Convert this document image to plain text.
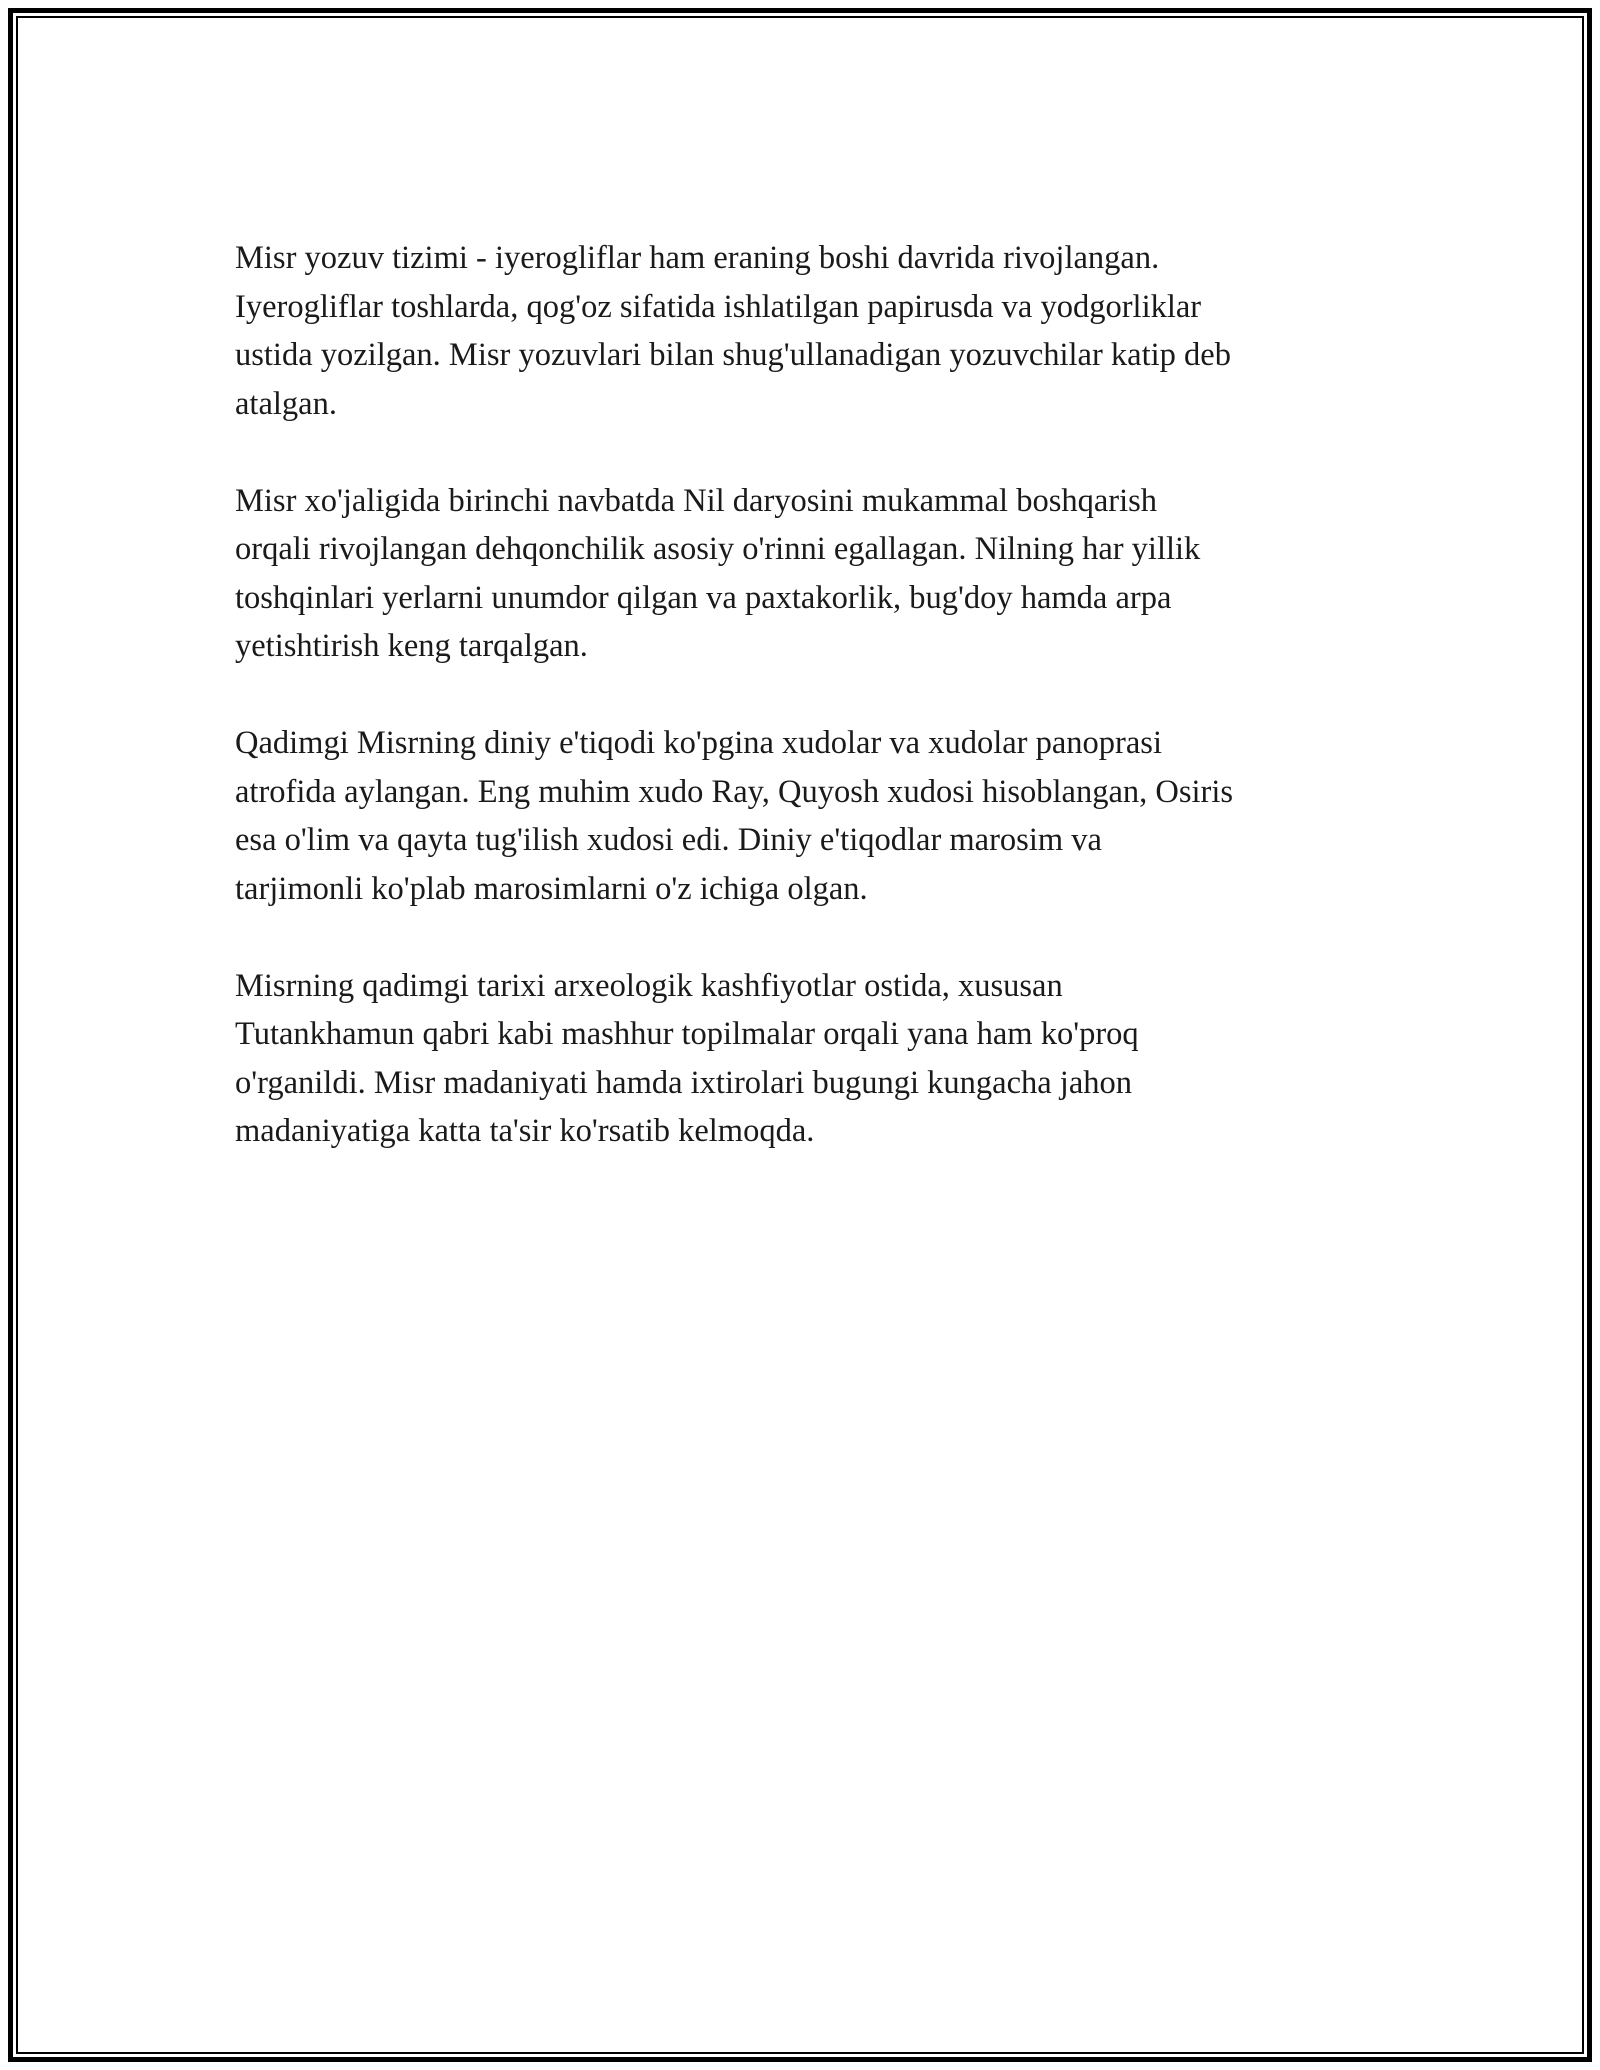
Misr yozuv tizimi - iyerogliflar ham eraning boshi davrida rivojlangan.
Iyerogliflar toshlarda, qog'oz sifatida ishlatilgan papirusda va yodgorliklar
ustida yozilgan. Misr yozuvlari bilan shug'ullanadigan yozuvchilar katip deb
atalgan.

Misr xo'jaligida birinchi navbatda Nil daryosini mukammal boshqarish
orqali rivojlangan dehqonchilik asosiy o'rinni egallagan. Nilning har yillik
toshqinlari yerlarni unumdor qilgan va paxtakorlik, bug'doy hamda arpa
yetishtirish keng tarqalgan.

Qadimgi Misrning diniy e'tiqodi ko'pgina xudolar va xudolar panoprasi
atrofida aylangan. Eng muhim xudo Ray, Quyosh xudosi hisoblangan, Osiris
esa o'lim va qayta tug'ilish xudosi edi. Diniy e'tiqodlar marosim va
tarjimonli ko'plab marosimlarni o'z ichiga olgan.

Misrning qadimgi tarixi arxeologik kashfiyotlar ostida, xususan
Tutankhamun qabri kabi mashhur topilmalar orqali yana ham ko'proq
o'rganildi. Misr madaniyati hamda ixtirolari bugungi kungacha jahon
madaniyatiga katta ta'sir ko'rsatib kelmoqda.
